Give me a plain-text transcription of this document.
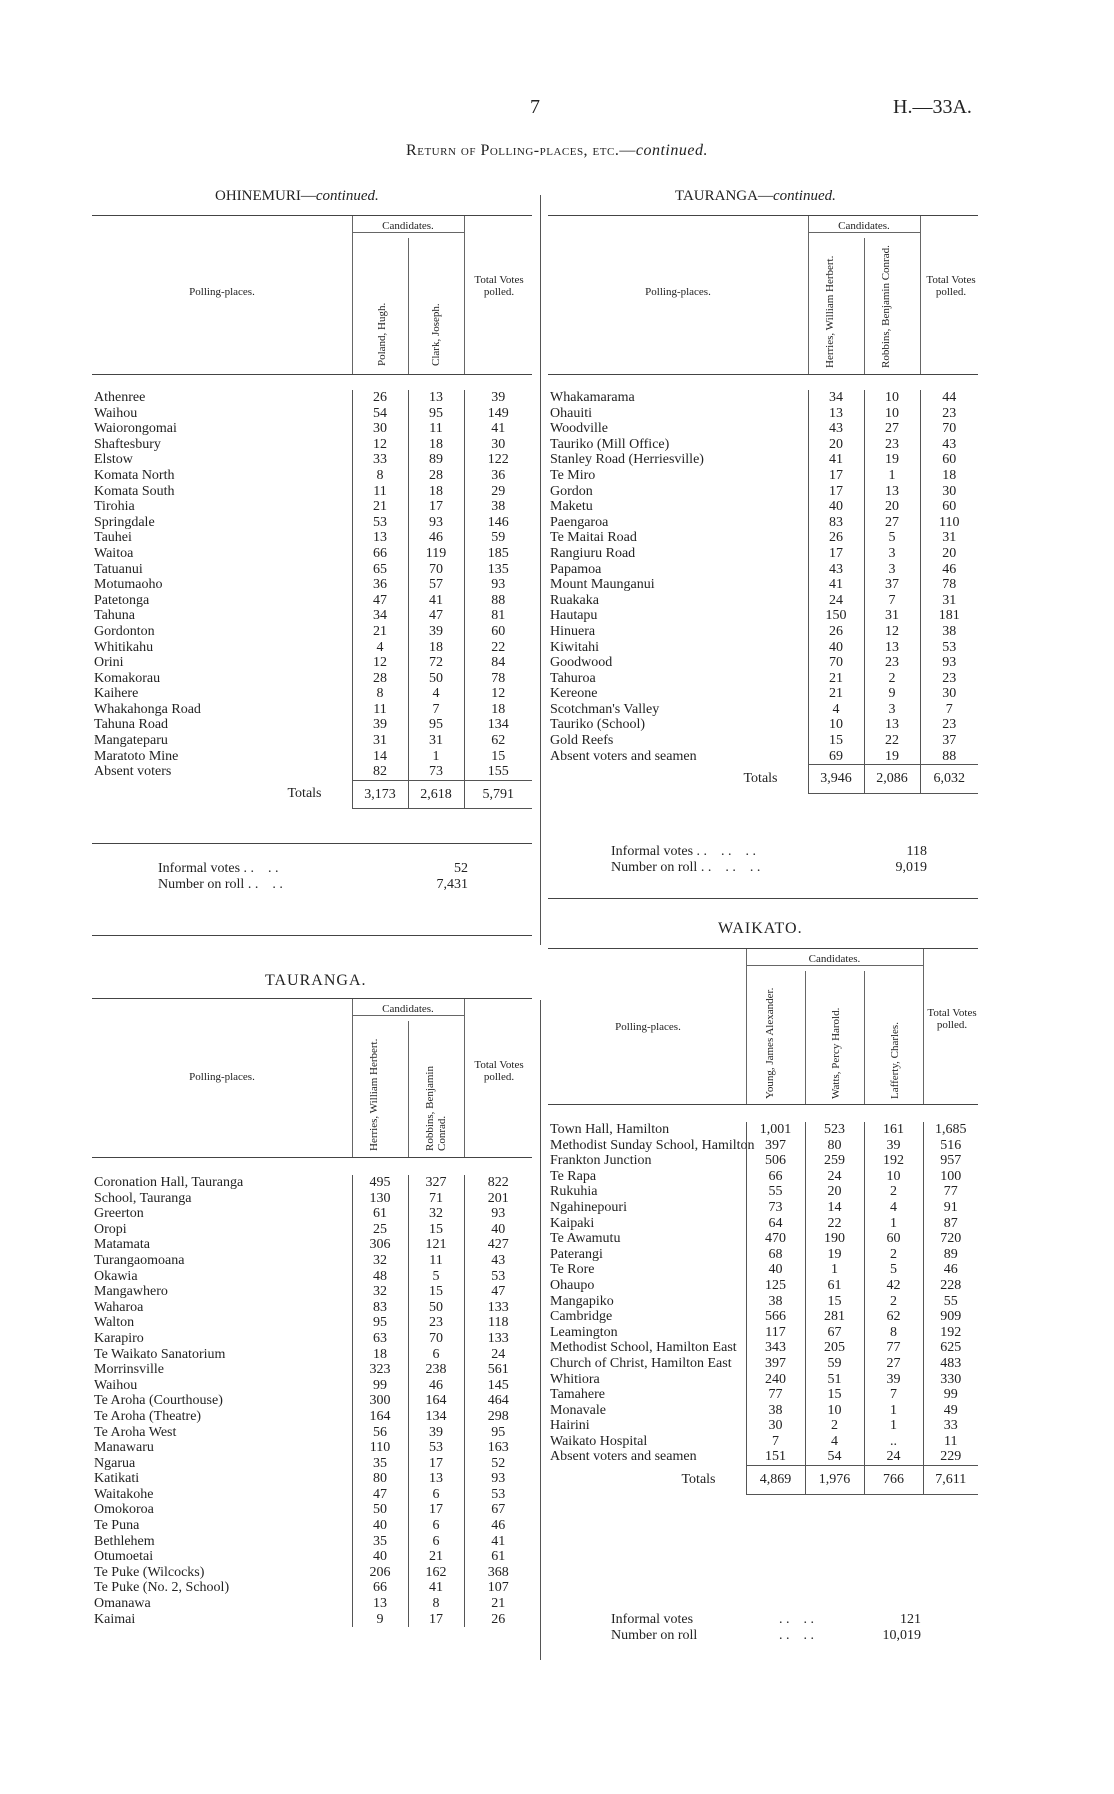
7	H.—33A.
Return of Polling-places, etc.—continued.
OHINEMURI—continued.
Polling-places.
Candidates.
Poland, Hugh.	Clark, Joseph.
Total Votes polled.
Athenree	26	13	39
Waihou	54	95	149
Waiorongomai	30	11	41
Shaftesbury	12	18	30
Elstow	33	89	122
Komata North	8	28	36
Komata South	11	18	29
Tirohia	21	17	38
Springdale	53	93	146
Tauhei	13	46	59
Waitoa	66	119	185
Tatuanui	65	70	135
Motumaoho	36	57	93
Patetonga	47	41	88
Tahuna	34	47	81
Gordonton	21	39	60
Whitikahu	4	18	22
Orini	12	72	84
Komakorau	28	50	78
Kaihere	8	4	12
Whakahonga Road	11	7	18
Tahuna Road	39	95	134
Mangateparu	31	31	62
Maratoto Mine	14	1	15
Absent voters	82	73	155
Totals	3,173	2,618	5,791
Informal votes . .    . .	52
Number on roll . .    . .	7,431
TAURANGA.
Polling-places.
Candidates.
Herries, William Herbert.	Robbins, Benjamin Conrad.
Total Votes polled.
Coronation Hall, Tauranga	495	327	822
School, Tauranga	130	71	201
Greerton	61	32	93
Oropi	25	15	40
Matamata	306	121	427
Turangaomoana	32	11	43
Okawia	48	5	53
Mangawhero	32	15	47
Waharoa	83	50	133
Walton	95	23	118
Karapiro	63	70	133
Te Waikato Sanatorium	18	6	24
Morrinsville	323	238	561
Waihou	99	46	145
Te Aroha (Courthouse)	300	164	464
Te Aroha (Theatre)	164	134	298
Te Aroha West	56	39	95
Manawaru	110	53	163
Ngarua	35	17	52
Katikati	80	13	93
Waitakohe	47	6	53
Omokoroa	50	17	67
Te Puna	40	6	46
Bethlehem	35	6	41
Otumoetai	40	21	61
Te Puke (Wilcocks)	206	162	368
Te Puke (No. 2, School)	66	41	107
Omanawa	13	8	21
Kaimai	9	17	26
TAURANGA—continued.
Polling-places.
Candidates.
Herries, William Herbert.	Robbins, Benjamin Conrad.	Total Votes polled.
Whakamarama	34	10	44
Ohauiti	13	10	23
Woodville	43	27	70
Tauriko (Mill Office)	20	23	43
Stanley Road (Herriesville)	41	19	60
Te Miro	17	1	18
Gordon	17	13	30
Maketu	40	20	60
Paengaroa	83	27	110
Te Maitai Road	26	5	31
Rangiuru Road	17	3	20
Papamoa	43	3	46
Mount Maunganui	41	37	78
Ruakaka	24	7	31
Hautapu	150	31	181
Hinuera	26	12	38
Kiwitahi	40	13	53
Goodwood	70	23	93
Tahuroa	21	2	23
Kereone	21	9	30
Scotchman's Valley	4	3	7
Tauriko (School)	10	13	23
Gold Reefs	15	22	37
Absent voters and seamen	69	19	88
Totals	3,946	2,086	6,032
Informal votes . .    . .    . .	118
Number on roll . .    . .    . .	9,019
WAIKATO.
Polling-places.
Candidates.
Young, James Alexander.	Watts, Percy Harold.	Lafferty, Charles.
Total Votes polled.
Town Hall, Hamilton	1,001	523	161	1,685
Methodist Sunday School, Hamilton	397	80	39	516
Frankton Junction	506	259	192	957
Te Rapa	66	24	10	100
Rukuhia	55	20	2	77
Ngahinepouri	73	14	4	91
Kaipaki	64	22	1	87
Te Awamutu	470	190	60	720
Paterangi	68	19	2	89
Te Rore	40	1	5	46
Ohaupo	125	61	42	228
Mangapiko	38	15	2	55
Cambridge	566	281	62	909
Leamington	117	67	8	192
Methodist School, Hamilton East	343	205	77	625
Church of Christ, Hamilton East	397	59	27	483
Whitiora	240	51	39	330
Tamahere	77	15	7	99
Monavale	38	10	1	49
Hairini	30	2	1	33
Waikato Hospital	7	4	..	11
Absent voters and seamen	151	54	24	229
Totals	4,869	1,976	766	7,611
Informal votes	. .    . .	121
Number on roll	. .    . .	10,019
